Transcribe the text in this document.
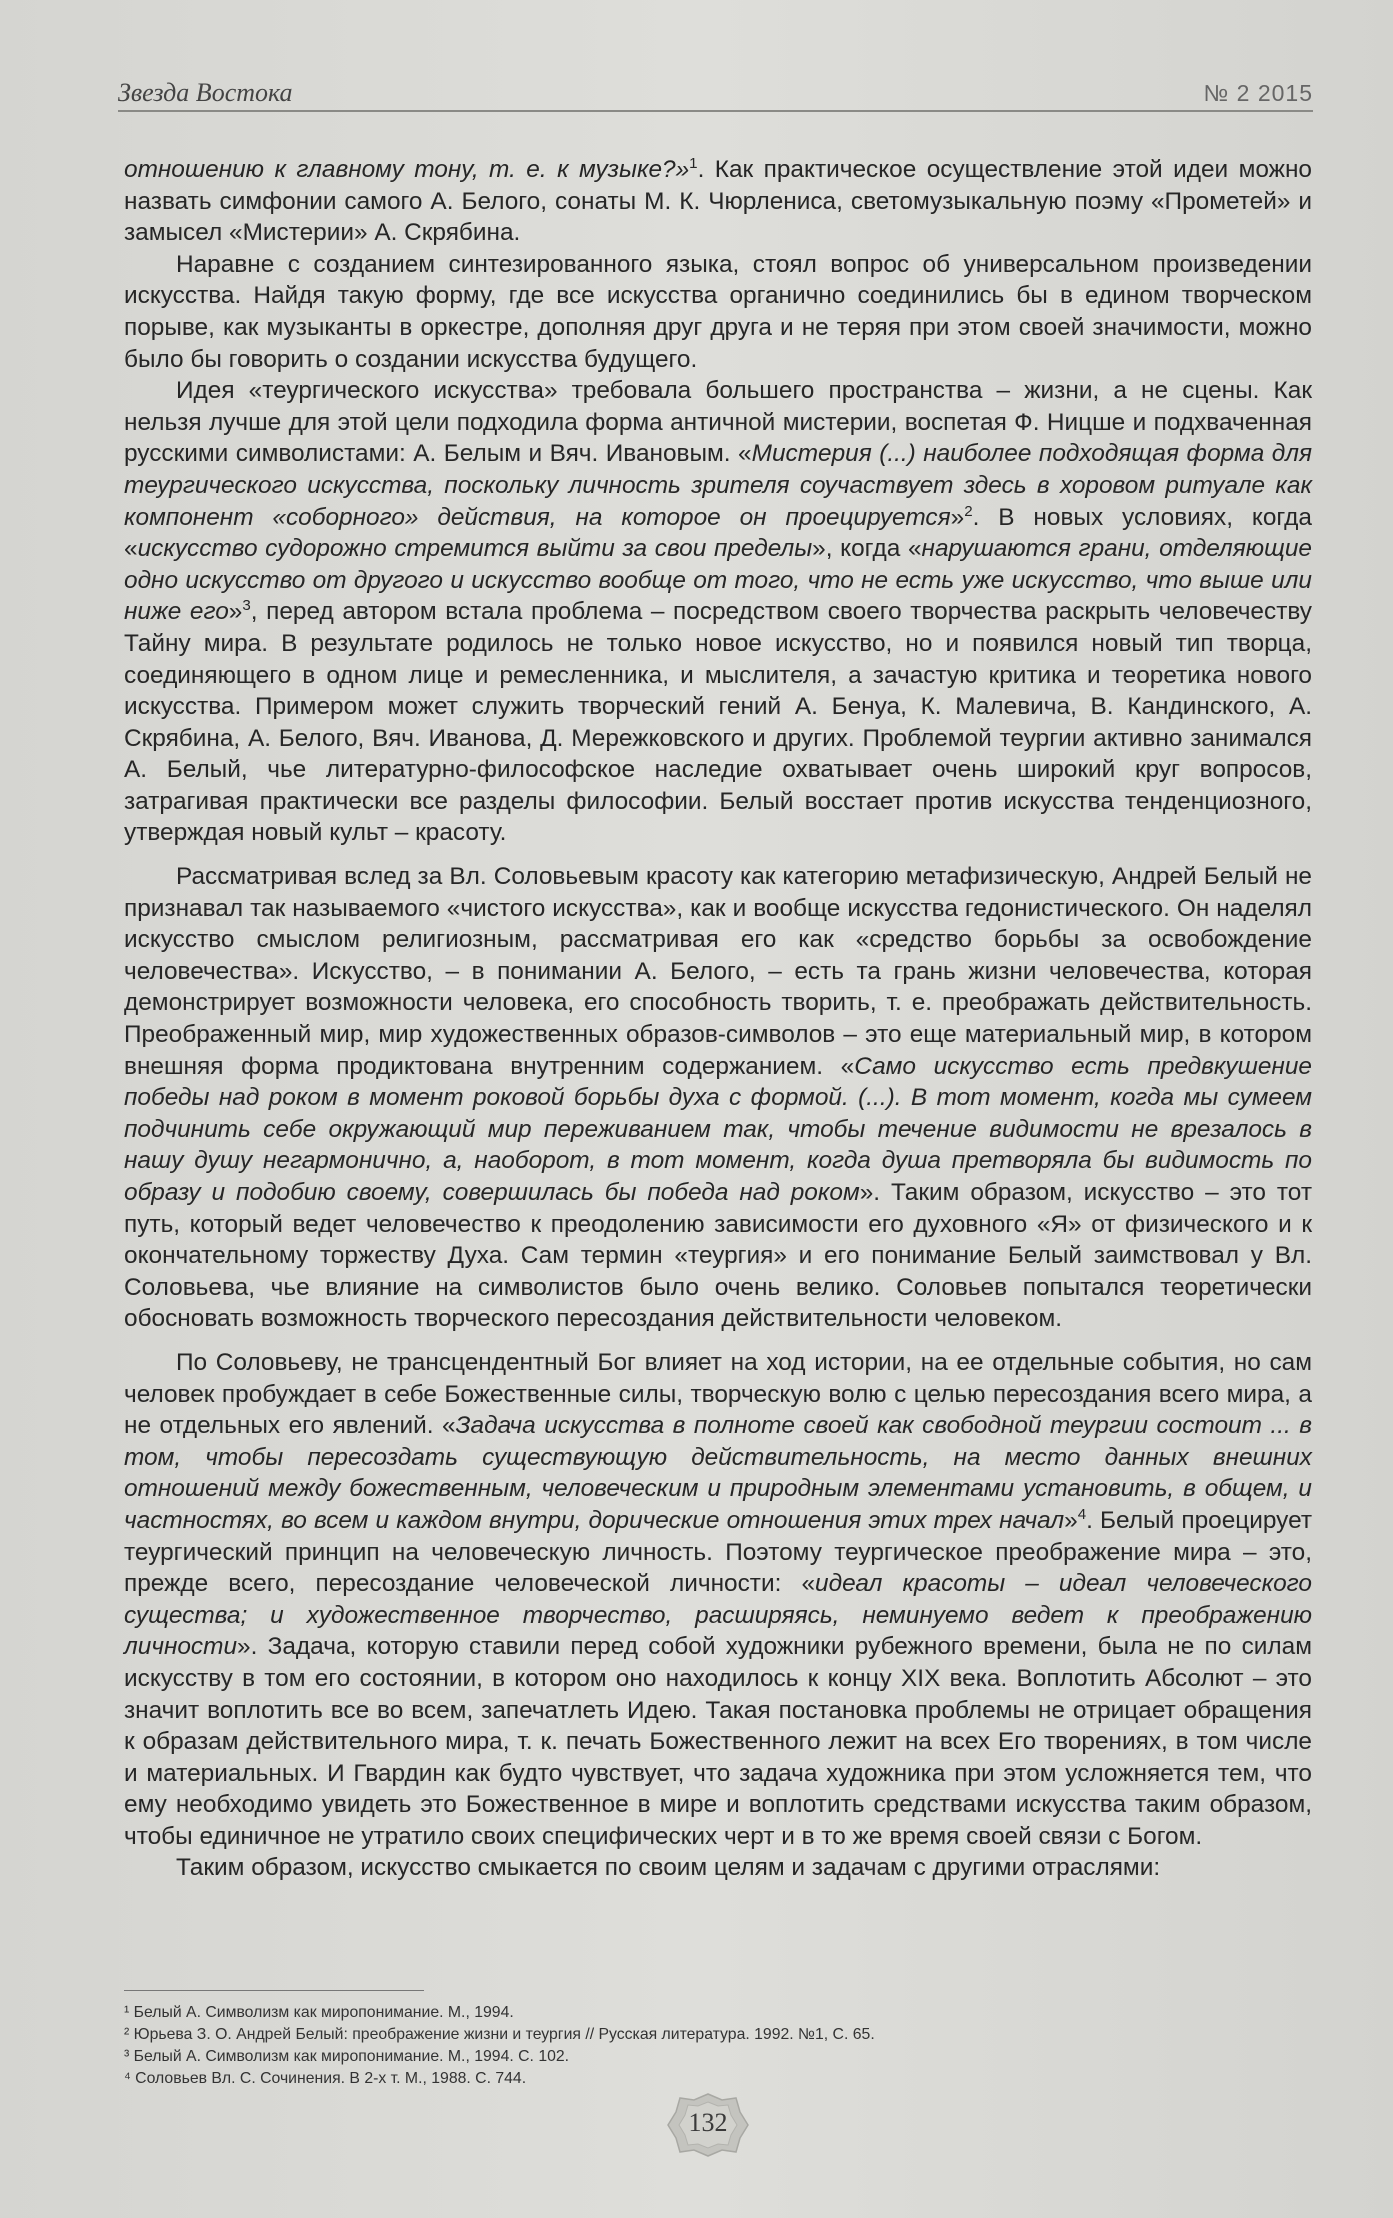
Звезда Востока	№ 2 2015

отношению к главному тону, т. е. к музыке?»$^1$. Как практическое осуществление этой идеи можно назвать симфонии самого А. Белого, сонаты М. К. Чюрлениса, светомузыкальную поэму «Прометей» и замысел «Мистерии» А. Скрябина.

Наравне с созданием синтезированного языка, стоял вопрос об универсальном произведении искусства. Найдя такую форму, где все искусства органично соединились бы в едином творческом порыве, как музыканты в оркестре, дополняя друг друга и не теряя при этом своей значимости, можно было бы говорить о создании искусства будущего.

Идея «теургического искусства» требовала большего пространства – жизни, а не сцены. Как нельзя лучше для этой цели подходила форма античной мистерии, воспетая Ф. Ницше и подхваченная русскими символистами: А. Белым и Вяч. Ивановым. «Мистерия (...) наиболее подходящая форма для теургического искусства, поскольку личность зрителя соучаствует здесь в хоровом ритуале как компонент «соборного» действия, на которое он проецируется»$^2$. В новых условиях, когда «искусство судорожно стремится выйти за свои пределы», когда «нарушаются грани, отделяющие одно искусство от другого и искусство вообще от того, что не есть уже искусство, что выше или ниже его»$^3$, перед автором встала проблема – посредством своего творчества раскрыть человечеству Тайну мира. В результате родилось не только новое искусство, но и появился новый тип творца, соединяющего в одном лице и ремесленника, и мыслителя, а зачастую критика и теоретика нового искусства. Примером может служить творческий гений А. Бенуа, К. Малевича, В. Кандинского, А. Скрябина, А. Белого, Вяч. Иванова, Д. Мережковского и других. Проблемой теургии активно занимался А. Белый, чье литературно-философское наследие охватывает очень широкий круг вопросов, затрагивая практически все разделы философии. Белый восстает против искусства тенденциозного, утверждая новый культ – красоту.

Рассматривая вслед за Вл. Соловьевым красоту как категорию метафизическую, Андрей Белый не признавал так называемого «чистого искусства», как и вообще искусства гедонистического. Он наделял искусство смыслом религиозным, рассматривая его как «средство борьбы за освобождение человечества». Искусство, – в понимании А. Белого, – есть та грань жизни человечества, которая демонстрирует возможности человека, его способность творить, т. е. преображать действительность. Преображенный мир, мир художественных образов-символов – это еще материальный мир, в котором внешняя форма продиктована внутренним содержанием. «Само искусство есть предвкушение победы над роком в момент роковой борьбы духа с формой. (...). В тот момент, когда мы сумеем подчинить себе окружающий мир переживанием так, чтобы течение видимости не врезалось в нашу душу негармонично, а, наоборот, в тот момент, когда душа претворяла бы видимость по образу и подобию своему, совершилась бы победа над роком». Таким образом, искусство – это тот путь, который ведет человечество к преодолению зависимости его духовного «Я» от физического и к окончательному торжеству Духа. Сам термин «теургия» и его понимание Белый заимствовал у Вл. Соловьева, чье влияние на символистов было очень велико. Соловьев попытался теоретически обосновать возможность творческого пересоздания действительности человеком.

По Соловьеву, не трансцендентный Бог влияет на ход истории, на ее отдельные события, но сам человек пробуждает в себе Божественные силы, творческую волю с целью пересоздания всего мира, а не отдельных его явлений. «Задача искусства в полноте своей как свободной теургии состоит ... в том, чтобы пересоздать существующую действительность, на место данных внешних отношений между божественным, человеческим и природным элементами установить, в общем, и частностях, во всем и каждом внутри, дорические отношения этих трех начал»$^4$. Белый проецирует теургический принцип на человеческую личность. Поэтому теургическое преображение мира – это, прежде всего, пересоздание человеческой личности: «идеал красоты – идеал человеческого существа; и художественное творчество, расширяясь, неминуемо ведет к преображению личности». Задача, которую ставили перед собой художники рубежного времени, была не по силам искусству в том его состоянии, в котором оно находилось к концу XIX века. Воплотить Абсолют – это значит воплотить все во всем, запечатлеть Идею. Такая постановка проблемы не отрицает обращения к образам действительного мира, т. к. печать Божественного лежит на всех Его творениях, в том числе и материальных. И Гвардин как будто чувствует, что задача художника при этом усложняется тем, что ему необходимо увидеть это Божественное в мире и воплотить средствами искусства таким образом, чтобы единичное не утратило своих специфических черт и в то же время своей связи с Богом.

Таким образом, искусство смыкается по своим целям и задачам с другими отраслями:

¹ Белый А. Символизм как миропонимание. М., 1994.
² Юрьева З. О. Андрей Белый: преображение жизни и теургия // Русская литература. 1992. №1, С. 65.
³ Белый А. Символизм как миропонимание. М., 1994. С. 102.
⁴ Соловьев Вл. С. Сочинения. В 2-х т. М., 1988. С. 744.
132
